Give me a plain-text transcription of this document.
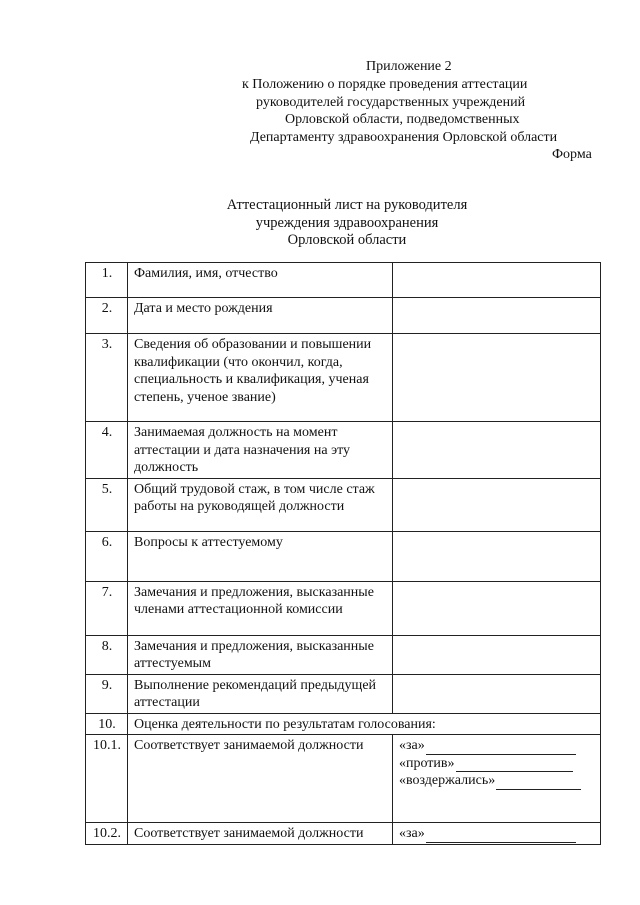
Приложение 2
к Положению о порядке проведения аттестации
руководителей государственных учреждений
Орловской области, подведомственных
Департаменту здравоохранения Орловской области
Форма
Аттестационный лист на руководителя
учреждения здравоохранения
Орловской области
1.	Фамилия, имя, отчество	
2.	Дата и место рождения	
3.	Сведения об образовании и повышении квалификации (что окончил, когда, специальность и квалификация, ученая степень, ученое звание)	
4.	Занимаемая должность на момент аттестации и дата назначения на эту должность	
5.	Общий трудовой стаж, в том числе стаж работы на руководящей должности	
6.	Вопросы к аттестуемому	
7.	Замечания и предложения, высказанные членами аттестационной комиссии	
8.	Замечания и предложения, высказанные аттестуемым	
9.	Выполнение рекомендаций предыдущей аттестации	
10.	Оценка деятельности по результатам голосования:	
10.1.	Соответствует занимаемой должности	«за»
«против»
«воздержались»

10.2.	Соответствует занимаемой должности	«за»
